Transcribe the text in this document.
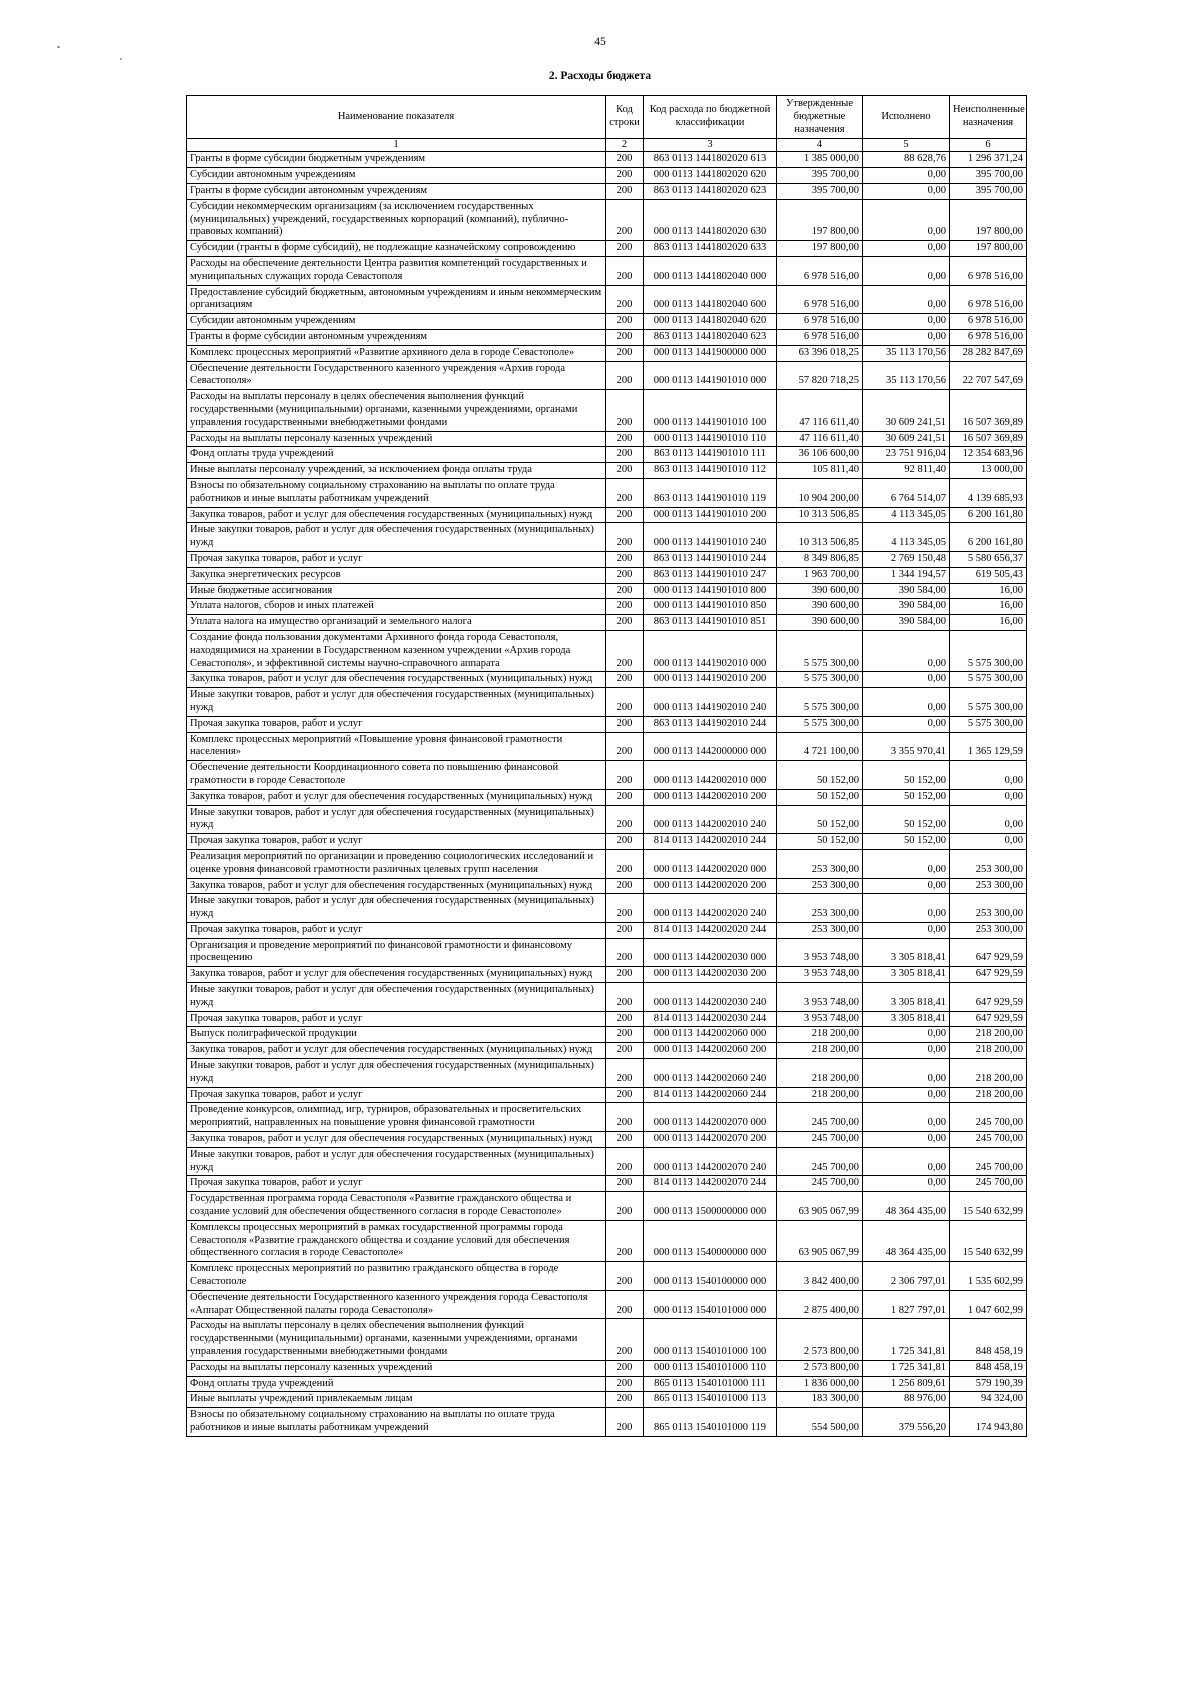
45
2. Расходы бюджета
Наименование показателя	Код строки	Код расхода по бюджетной классификации	Утвержденные бюджетные назначения	Исполнено	Неисполненные назначения
1	2	3	4	5	6
Гранты в форме субсидии бюджетным учреждениям	200	863 0113 1441802020 613	1 385 000,00	88 628,76	1 296 371,24
Субсидии автономным учреждениям	200	000 0113 1441802020 620	395 700,00	0,00	395 700,00
Гранты в форме субсидии автономным учреждениям	200	863 0113 1441802020 623	395 700,00	0,00	395 700,00
Субсидии некоммерческим организациям (за исключением государственных (муниципальных) учреждений, государственных корпораций (компаний), публично-правовых компаний)	200	000 0113 1441802020 630	197 800,00	0,00	197 800,00
Субсидии (гранты в форме субсидий), не подлежащие казначейскому сопровождению	200	863 0113 1441802020 633	197 800,00	0,00	197 800,00
Расходы на обеспечение деятельности Центра развития компетенций государственных и муниципальных служащих города Севастополя	200	000 0113 1441802040 000	6 978 516,00	0,00	6 978 516,00
Предоставление субсидий бюджетным, автономным учреждениям и иным некоммерческим организациям	200	000 0113 1441802040 600	6 978 516,00	0,00	6 978 516,00
Субсидии автономным учреждениям	200	000 0113 1441802040 620	6 978 516,00	0,00	6 978 516,00
Гранты в форме субсидии автономным учреждениям	200	863 0113 1441802040 623	6 978 516,00	0,00	6 978 516,00
Комплекс процессных мероприятий «Развитие архивного дела в городе Севастополе»	200	000 0113 1441900000 000	63 396 018,25	35 113 170,56	28 282 847,69
Обеспечение деятельности Государственного казенного учреждения «Архив города Севастополя»	200	000 0113 1441901010 000	57 820 718,25	35 113 170,56	22 707 547,69
Расходы на выплаты персоналу в целях обеспечения выполнения функций государственными (муниципальными) органами, казенными учреждениями, органами управления государственными внебюджетными фондами	200	000 0113 1441901010 100	47 116 611,40	30 609 241,51	16 507 369,89
Расходы на выплаты персоналу казенных учреждений	200	000 0113 1441901010 110	47 116 611,40	30 609 241,51	16 507 369,89
Фонд оплаты труда учреждений	200	863 0113 1441901010 111	36 106 600,00	23 751 916,04	12 354 683,96
Иные выплаты персоналу учреждений, за исключением фонда оплаты труда	200	863 0113 1441901010 112	105 811,40	92 811,40	13 000,00
Взносы по обязательному социальному страхованию на выплаты по оплате труда работников и иные выплаты работникам учреждений	200	863 0113 1441901010 119	10 904 200,00	6 764 514,07	4 139 685,93
Закупка товаров, работ и услуг для обеспечения государственных (муниципальных) нужд	200	000 0113 1441901010 200	10 313 506,85	4 113 345,05	6 200 161,80
Иные закупки товаров, работ и услуг для обеспечения государственных (муниципальных) нужд	200	000 0113 1441901010 240	10 313 506,85	4 113 345,05	6 200 161,80
Прочая закупка товаров, работ и услуг	200	863 0113 1441901010 244	8 349 806,85	2 769 150,48	5 580 656,37
Закупка энергетических ресурсов	200	863 0113 1441901010 247	1 963 700,00	1 344 194,57	619 505,43
Иные бюджетные ассигнования	200	000 0113 1441901010 800	390 600,00	390 584,00	16,00
Уплата налогов, сборов и иных платежей	200	000 0113 1441901010 850	390 600,00	390 584,00	16,00
Уплата налога на имущество организаций и земельного налога	200	863 0113 1441901010 851	390 600,00	390 584,00	16,00
Создание фонда пользования документами Архивного фонда города Севастополя, находящимися на хранении в Государственном казенном учреждении «Архив города Севастополя», и эффективной системы научно-справочного аппарата	200	000 0113 1441902010 000	5 575 300,00	0,00	5 575 300,00
Закупка товаров, работ и услуг для обеспечения государственных (муниципальных) нужд	200	000 0113 1441902010 200	5 575 300,00	0,00	5 575 300,00
Иные закупки товаров, работ и услуг для обеспечения государственных (муниципальных) нужд	200	000 0113 1441902010 240	5 575 300,00	0,00	5 575 300,00
Прочая закупка товаров, работ и услуг	200	863 0113 1441902010 244	5 575 300,00	0,00	5 575 300,00
Комплекс процессных мероприятий «Повышение уровня финансовой грамотности населения»	200	000 0113 1442000000 000	4 721 100,00	3 355 970,41	1 365 129,59
Обеспечение деятельности Координационного совета по повышению финансовой грамотности в городе Севастополе	200	000 0113 1442002010 000	50 152,00	50 152,00	0,00
Закупка товаров, работ и услуг для обеспечения государственных (муниципальных) нужд	200	000 0113 1442002010 200	50 152,00	50 152,00	0,00
Иные закупки товаров, работ и услуг для обеспечения государственных (муниципальных) нужд	200	000 0113 1442002010 240	50 152,00	50 152,00	0,00
Прочая закупка товаров, работ и услуг	200	814 0113 1442002010 244	50 152,00	50 152,00	0,00
Реализация мероприятий по организации и проведению социологических исследований и оценке уровня финансовой грамотности различных целевых групп населения	200	000 0113 1442002020 000	253 300,00	0,00	253 300,00
Закупка товаров, работ и услуг для обеспечения государственных (муниципальных) нужд	200	000 0113 1442002020 200	253 300,00	0,00	253 300,00
Иные закупки товаров, работ и услуг для обеспечения государственных (муниципальных) нужд	200	000 0113 1442002020 240	253 300,00	0,00	253 300,00
Прочая закупка товаров, работ и услуг	200	814 0113 1442002020 244	253 300,00	0,00	253 300,00
Организация и проведение мероприятий по финансовой грамотности и финансовому просвещению	200	000 0113 1442002030 000	3 953 748,00	3 305 818,41	647 929,59
Закупка товаров, работ и услуг для обеспечения государственных (муниципальных) нужд	200	000 0113 1442002030 200	3 953 748,00	3 305 818,41	647 929,59
Иные закупки товаров, работ и услуг для обеспечения государственных (муниципальных) нужд	200	000 0113 1442002030 240	3 953 748,00	3 305 818,41	647 929,59
Прочая закупка товаров, работ и услуг	200	814 0113 1442002030 244	3 953 748,00	3 305 818,41	647 929,59
Выпуск полиграфической продукции	200	000 0113 1442002060 000	218 200,00	0,00	218 200,00
Закупка товаров, работ и услуг для обеспечения государственных (муниципальных) нужд	200	000 0113 1442002060 200	218 200,00	0,00	218 200,00
Иные закупки товаров, работ и услуг для обеспечения государственных (муниципальных) нужд	200	000 0113 1442002060 240	218 200,00	0,00	218 200,00
Прочая закупка товаров, работ и услуг	200	814 0113 1442002060 244	218 200,00	0,00	218 200,00
Проведение конкурсов, олимпиад, игр, турниров, образовательных и просветительских мероприятий, направленных на повышение уровня финансовой грамотности	200	000 0113 1442002070 000	245 700,00	0,00	245 700,00
Закупка товаров, работ и услуг для обеспечения государственных (муниципальных) нужд	200	000 0113 1442002070 200	245 700,00	0,00	245 700,00
Иные закупки товаров, работ и услуг для обеспечения государственных (муниципальных) нужд	200	000 0113 1442002070 240	245 700,00	0,00	245 700,00
Прочая закупка товаров, работ и услуг	200	814 0113 1442002070 244	245 700,00	0,00	245 700,00
Государственная программа города Севастополя «Развитие гражданского общества и создание условий для обеспечения общественного согласия в городе Севастополе»	200	000 0113 1500000000 000	63 905 067,99	48 364 435,00	15 540 632,99
Комплексы процессных мероприятий в рамках государственной программы города Севастополя «Развитие гражданского общества и создание условий для обеспечения общественного согласия в городе Севастополе»	200	000 0113 1540000000 000	63 905 067,99	48 364 435,00	15 540 632,99
Комплекс процессных мероприятий по развитию гражданского общества в городе Севастополе	200	000 0113 1540100000 000	3 842 400,00	2 306 797,01	1 535 602,99
Обеспечение деятельности Государственного казенного учреждения города Севастополя «Аппарат Общественной палаты города Севастополя»	200	000 0113 1540101000 000	2 875 400,00	1 827 797,01	1 047 602,99
Расходы на выплаты персоналу в целях обеспечения выполнения функций государственными (муниципальными) органами, казенными учреждениями, органами управления государственными внебюджетными фондами	200	000 0113 1540101000 100	2 573 800,00	1 725 341,81	848 458,19
Расходы на выплаты персоналу казенных учреждений	200	000 0113 1540101000 110	2 573 800,00	1 725 341,81	848 458,19
Фонд оплаты труда учреждений	200	865 0113 1540101000 111	1 836 000,00	1 256 809,61	579 190,39
Иные выплаты учреждений привлекаемым лицам	200	865 0113 1540101000 113	183 300,00	88 976,00	94 324,00
Взносы по обязательному социальному страхованию на выплаты по оплате труда работников и иные выплаты работникам учреждений	200	865 0113 1540101000 119	554 500,00	379 556,20	174 943,80
